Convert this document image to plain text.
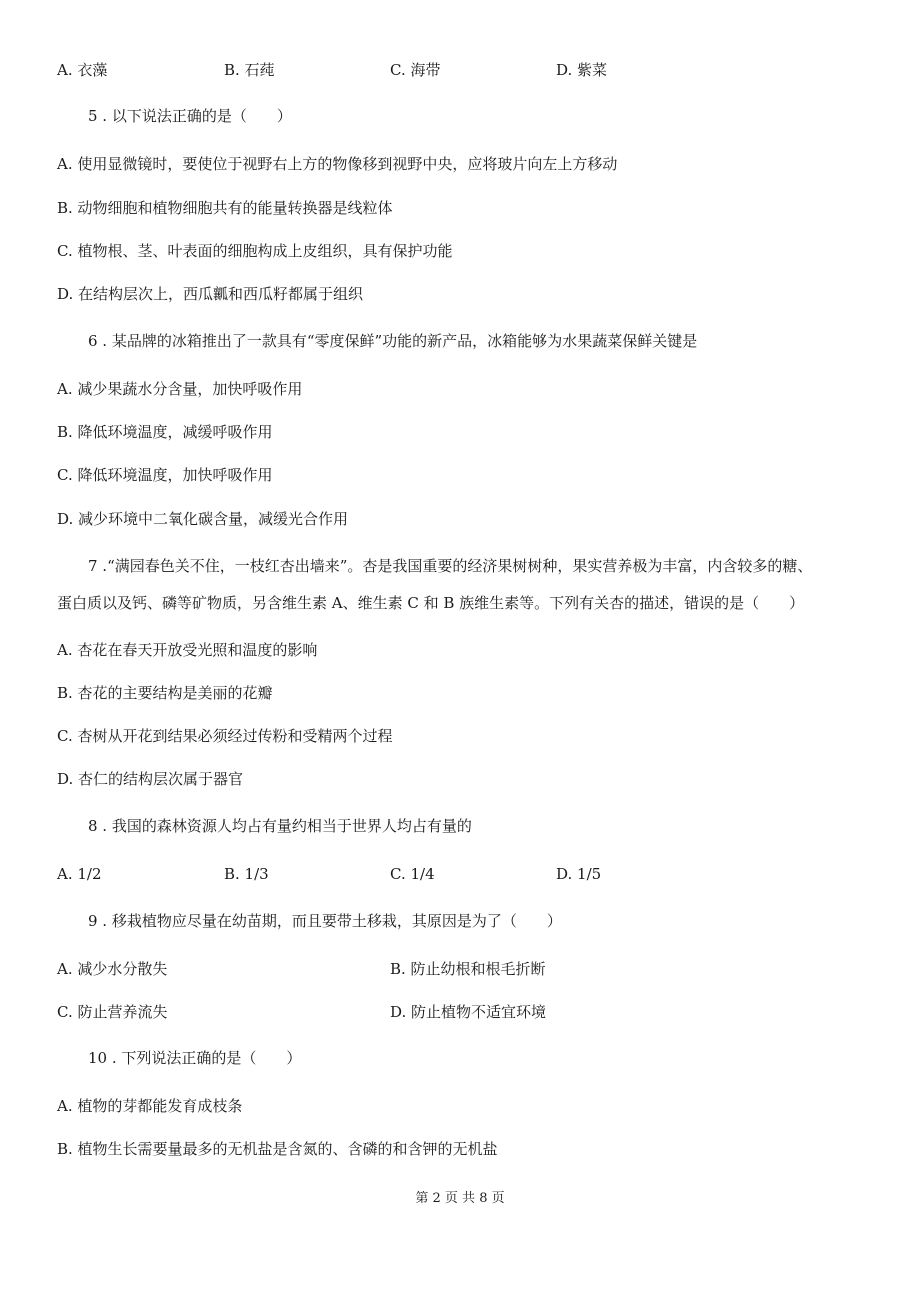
A. 衣藻	B. 石莼	C. 海带	D. 紫菜
5 . 以下说法正确的是（　　）
A. 使用显微镜时，要使位于视野右上方的物像移到视野中央，应将玻片向左上方移动
B. 动物细胞和植物细胞共有的能量转换器是线粒体
C. 植物根、茎、叶表面的细胞构成上皮组织，具有保护功能
D. 在结构层次上，西瓜瓤和西瓜籽都属于组织
6 . 某品牌的冰箱推出了一款具有“零度保鲜”功能的新产品，冰箱能够为水果蔬菜保鲜关键是
A. 减少果蔬水分含量，加快呼吸作用
B. 降低环境温度，减缓呼吸作用
C. 降低环境温度，加快呼吸作用
D. 减少环境中二氧化碳含量，减缓光合作用
7 .“满园春色关不住，一枝红杏出墙来”。杏是我国重要的经济果树树种，果实营养极为丰富，内含较多的糖、
蛋白质以及钙、磷等矿物质，另含维生素 A、维生素 C 和 B 族维生素等。下列有关杏的描述，错误的是（　　）
A. 杏花在春天开放受光照和温度的影响
B. 杏花的主要结构是美丽的花瓣
C. 杏树从开花到结果必须经过传粉和受精两个过程
D. 杏仁的结构层次属于器官
8 . 我国的森林资源人均占有量约相当于世界人均占有量的
A. 1/2	B. 1/3	C. 1/4	D. 1/5
9 . 移栽植物应尽量在幼苗期，而且要带土移栽，其原因是为了（　　）
A. 减少水分散失	B. 防止幼根和根毛折断
C. 防止营养流失	D. 防止植物不适宜环境
10 . 下列说法正确的是（　　）
A. 植物的芽都能发育成枝条
B. 植物生长需要量最多的无机盐是含氮的、含磷的和含钾的无机盐
第 2 页 共 8 页
